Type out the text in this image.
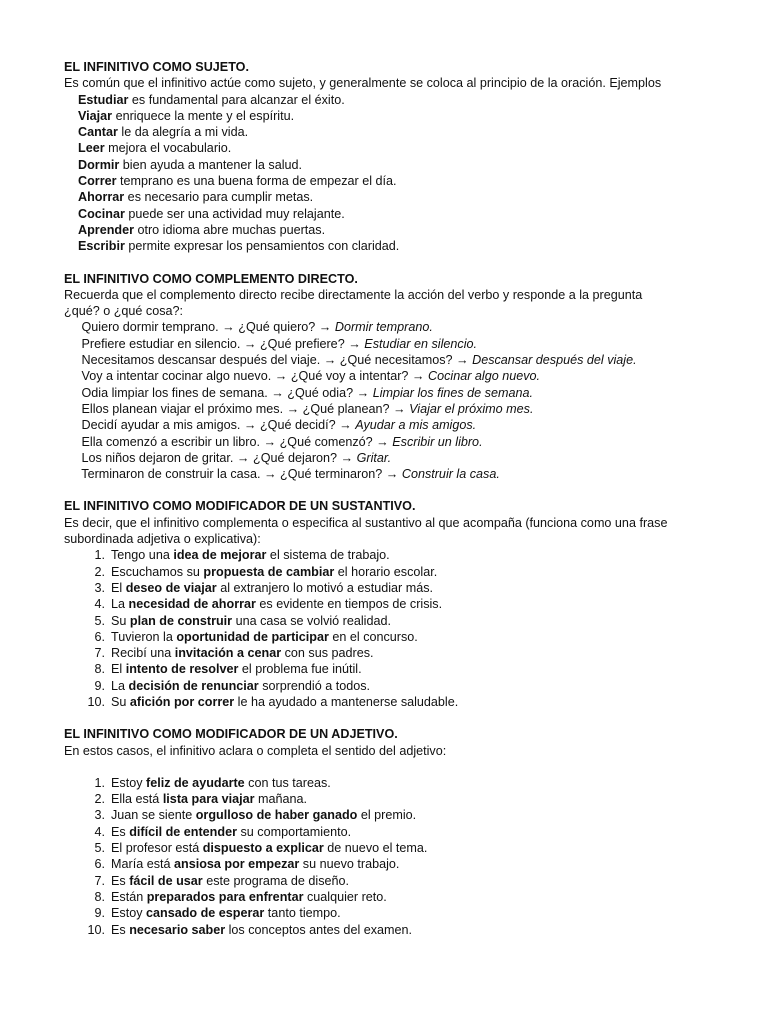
EL INFINITIVO COMO SUJETO.
Es común que el infinitivo actúe como sujeto, y generalmente se coloca al principio de la oración. Ejemplos
Estudiar es fundamental para alcanzar el éxito.
Viajar enriquece la mente y el espíritu.
Cantar le da alegría a mi vida.
Leer mejora el vocabulario.
Dormir bien ayuda a mantener la salud.
Correr temprano es una buena forma de empezar el día.
Ahorrar es necesario para cumplir metas.
Cocinar puede ser una actividad muy relajante.
Aprender otro idioma abre muchas puertas.
Escribir permite expresar los pensamientos con claridad.
EL INFINITIVO COMO COMPLEMENTO DIRECTO.
Recuerda que el complemento directo recibe directamente la acción del verbo y responde a la pregunta
¿qué? o ¿qué cosa?:
Quiero dormir temprano. → ¿Qué quiero? → Dormir temprano.
Prefiere estudiar en silencio. → ¿Qué prefiere? → Estudiar en silencio.
Necesitamos descansar después del viaje. → ¿Qué necesitamos? → Descansar después del viaje.
Voy a intentar cocinar algo nuevo. → ¿Qué voy a intentar? → Cocinar algo nuevo.
Odia limpiar los fines de semana. → ¿Qué odia? → Limpiar los fines de semana.
Ellos planean viajar el próximo mes. → ¿Qué planean? → Viajar el próximo mes.
Decidí ayudar a mis amigos. → ¿Qué decidí? → Ayudar a mis amigos.
Ella comenzó a escribir un libro. → ¿Qué comenzó? → Escribir un libro.
Los niños dejaron de gritar. → ¿Qué dejaron? → Gritar.
Terminaron de construir la casa. → ¿Qué terminaron? → Construir la casa.
EL INFINITIVO COMO MODIFICADOR DE UN SUSTANTIVO.
Es decir, que el infinitivo complementa o especifica al sustantivo al que acompaña (funciona como una frase
subordinada adjetiva o explicativa):
1. Tengo una idea de mejorar el sistema de trabajo.
2. Escuchamos su propuesta de cambiar el horario escolar.
3. El deseo de viajar al extranjero lo motivó a estudiar más.
4. La necesidad de ahorrar es evidente en tiempos de crisis.
5. Su plan de construir una casa se volvió realidad.
6. Tuvieron la oportunidad de participar en el concurso.
7. Recibí una invitación a cenar con sus padres.
8. El intento de resolver el problema fue inútil.
9. La decisión de renunciar sorprendió a todos.
10. Su afición por correr le ha ayudado a mantenerse saludable.
EL INFINITIVO COMO MODIFICADOR DE UN ADJETIVO.
En estos casos, el infinitivo aclara o completa el sentido del adjetivo:
1. Estoy feliz de ayudarte con tus tareas.
2. Ella está lista para viajar mañana.
3. Juan se siente orgulloso de haber ganado el premio.
4. Es difícil de entender su comportamiento.
5. El profesor está dispuesto a explicar de nuevo el tema.
6. María está ansiosa por empezar su nuevo trabajo.
7. Es fácil de usar este programa de diseño.
8. Están preparados para enfrentar cualquier reto.
9. Estoy cansado de esperar tanto tiempo.
10. Es necesario saber los conceptos antes del examen.
